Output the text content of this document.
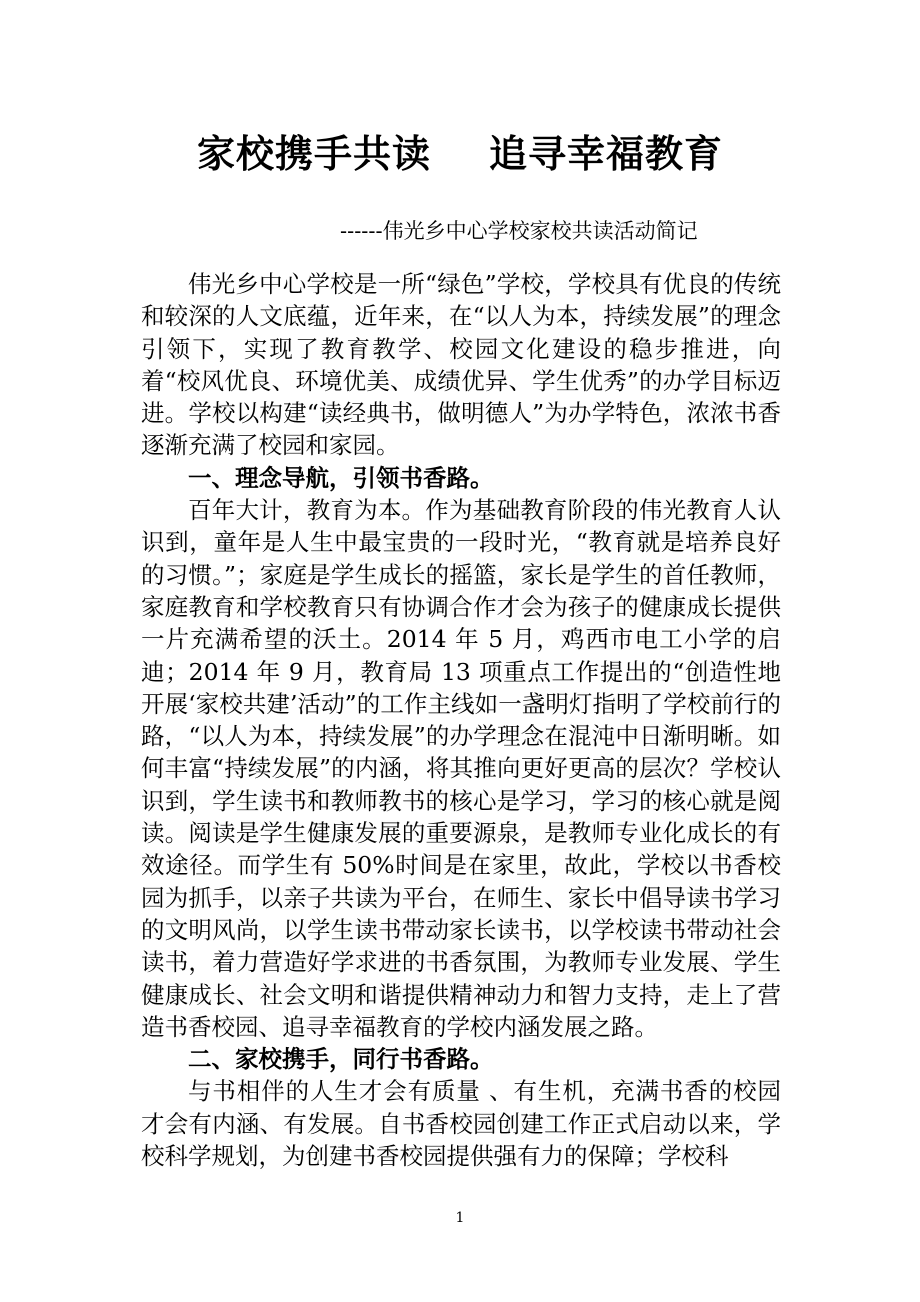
家校携手共读 追寻幸福教育
------伟光乡中心学校家校共读活动简记

伟光乡中心学校是一所“绿色”学校，学校具有优良的传统和较深的人文底蕴，近年来，在“以人为本，持续发展”的理念引领下，实现了教育教学、校园文化建设的稳步推进，向着“校风优良、环境优美、成绩优异、学生优秀”的办学目标迈进。学校以构建“读经典书，做明德人”为办学特色，浓浓书香逐渐充满了校园和家园。

一、理念导航，引领书香路。

百年大计，教育为本。作为基础教育阶段的伟光教育人认识到，童年是人生中最宝贵的一段时光，“教育就是培养良好的习惯。”；家庭是学生成长的摇篮，家长是学生的首任教师，家庭教育和学校教育只有协调合作才会为孩子的健康成长提供一片充满希望的沃土。2014 年 5 月，鸡西市电工小学的启迪；2014 年 9 月，教育局 13 项重点工作提出的“创造性地开展‘家校共建’活动”的工作主线如一盏明灯指明了学校前行的路，“以人为本，持续发展”的办学理念在混沌中日渐明晰。如何丰富“持续发展”的内涵，将其推向更好更高的层次？学校认识到，学生读书和教师教书的核心是学习，学习的核心就是阅读。阅读是学生健康发展的重要源泉，是教师专业化成长的有效途径。而学生有 50%时间是在家里，故此，学校以书香校园为抓手，以亲子共读为平台，在师生、家长中倡导读书学习的文明风尚，以学生读书带动家长读书，以学校读书带动社会读书，着力营造好学求进的书香氛围，为教师专业发展、学生健康成长、社会文明和谐提供精神动力和智力支持，走上了营造书香校园、追寻幸福教育的学校内涵发展之路。

二、家校携手，同行书香路。

与书相伴的人生才会有质量 、有生机，充满书香的校园才会有内涵、有发展。自书香校园创建工作正式启动以来，学校科学规划，为创建书香校园提供强有力的保障；学校科

1
